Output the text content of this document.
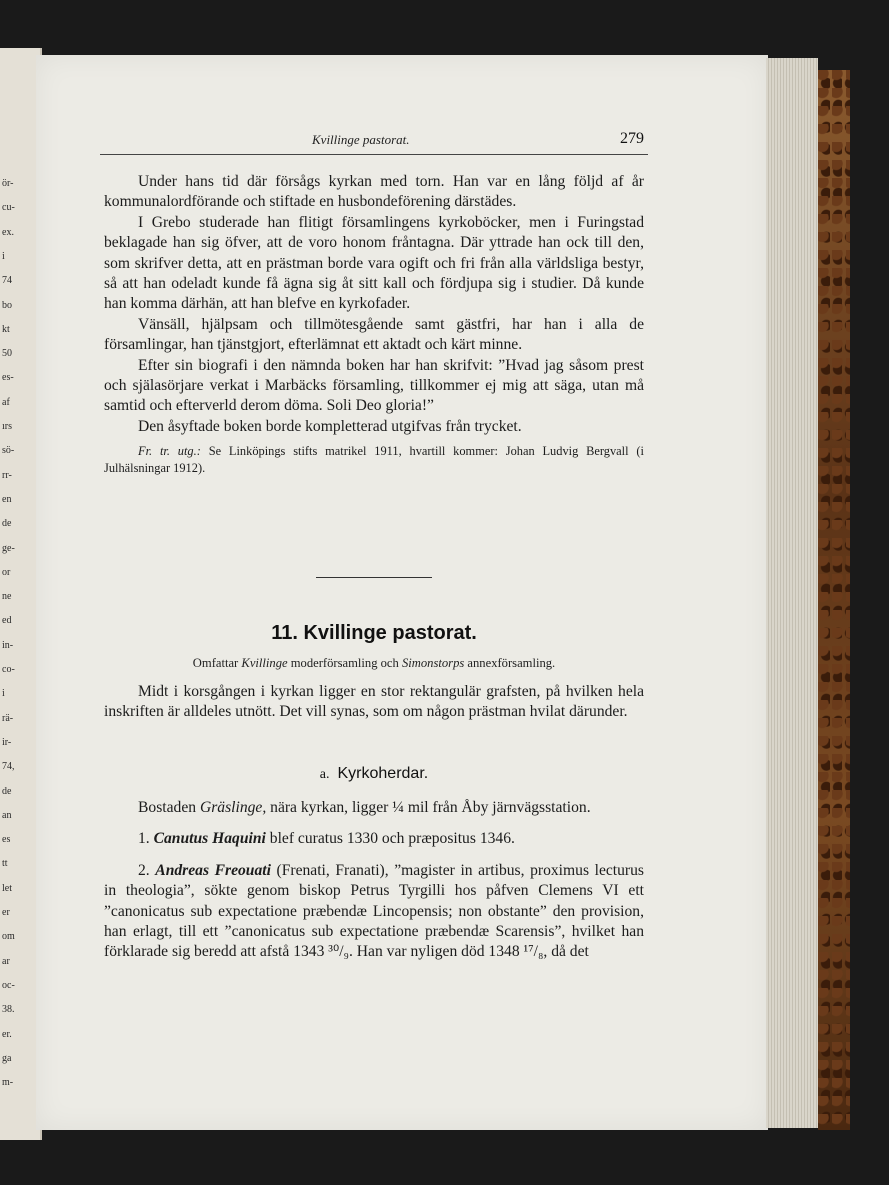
ör-
cu-
ex.
i
74
bo
kt
50
es-
af
ırs
sö-
rr-
en
de
ge-
or
ne
ed
in-
co-
i
rä-
ir-
74,
de
an
es
tt
let
er
om
ar
oc-
38.
er.
ga
m-
Kvillinge pastorat.	279

Under hans tid där försågs kyrkan med torn. Han var en lång följd af år kommunalordförande och stiftade en husbondeförening därstädes.

I Grebo studerade han flitigt församlingens kyrkoböcker, men i Furingstad beklagade han sig öfver, att de voro honom fråntagna. Där yttrade han ock till den, som skrifver detta, att en prästman borde vara ogift och fri från alla världsliga bestyr, så att han odeladt kunde få ägna sig åt sitt kall och fördjupa sig i studier. Då kunde han komma därhän, att han blefve en kyrkofader.

Vänsäll, hjälpsam och tillmötesgående samt gästfri, har han i alla de församlingar, han tjänstgjort, efterlämnat ett aktadt och kärt minne.

Efter sin biografi i den nämnda boken har han skrifvit: ”Hvad jag såsom prest och själasörjare verkat i Marbäcks församling, tillkommer ej mig att säga, utan må samtid och efterverld derom döma. Soli Deo gloria!”

Den åsyftade boken borde kompletterad utgifvas från trycket.

Fr. tr. utg.: Se Linköpings stifts matrikel 1911, hvartill kommer: Johan Ludvig Bergvall (i Julhälsningar 1912).

11. Kvillinge pastorat.
Omfattar Kvillinge moderförsamling och Simonstorps annexförsamling.

Midt i korsgången i kyrkan ligger en stor rektangulär grafsten, på hvilken hela inskriften är alldeles utnött. Det vill synas, som om någon prästman hvilat därunder.

a. Kyrkoherdar.

Bostaden Gräslinge, nära kyrkan, ligger ¼ mil från Åby järnvägsstation.

1. Canutus Haquini blef curatus 1330 och præpositus 1346.

2. Andreas Freouati (Frenati, Franati), ”magister in artibus, proximus lecturus in theologia”, sökte genom biskop Petrus Tyrgilli hos påfven Clemens VI ett ”canonicatus sub expectatione præbendæ Lincopensis; non obstante” den provision, han erlagt, till ett ”canonicatus sub expectatione præbendæ Scarensis”, hvilket han förklarade sig beredd att afstå 1343 ³⁰/₉. Han var nyligen död 1348 ¹⁷/₈, då det
